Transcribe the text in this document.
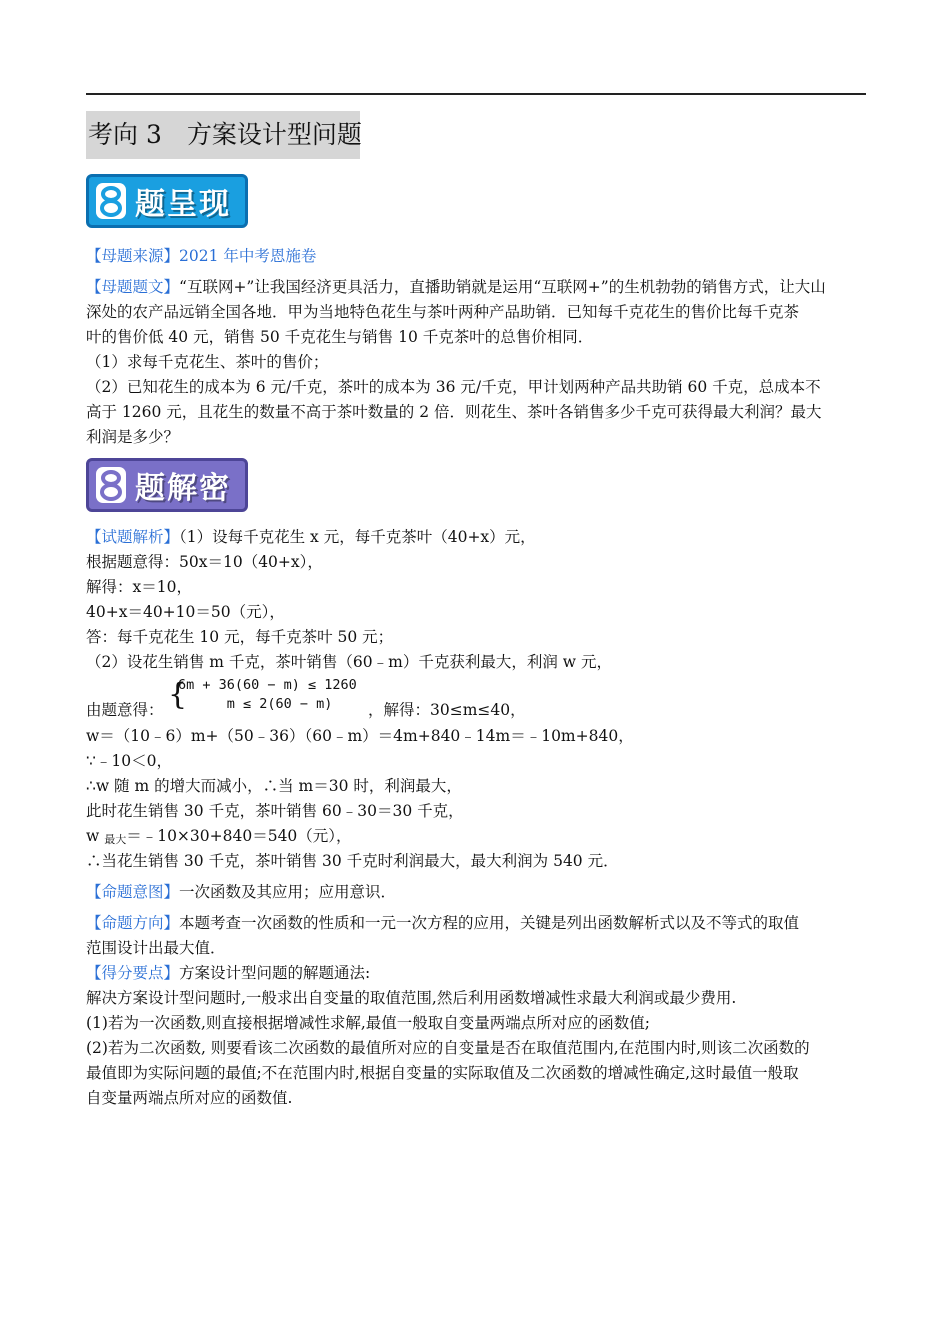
考向 3　方案设计型问题
题呈现
【母题来源】2021 年中考恩施卷
【母题题文】“互联网+”让我国经济更具活力，直播助销就是运用“互联网+”的生机勃勃的销售方式，让大山
深处的农产品远销全国各地．甲为当地特色花生与茶叶两种产品助销．已知每千克花生的售价比每千克茶
叶的售价低 40 元，销售 50 千克花生与销售 10 千克茶叶的总售价相同．
（1）求每千克花生、茶叶的售价；
（2）已知花生的成本为 6 元/千克，茶叶的成本为 36 元/千克，甲计划两种产品共助销 60 千克，总成本不
高于 1260 元，且花生的数量不高于茶叶数量的 2 倍．则花生、茶叶各销售多少千克可获得最大利润？最大
利润是多少？
题解密
【试题解析】（1）设每千克花生 x 元，每千克茶叶（40+x）元，
根据题意得：50x＝10（40+x），
解得：x＝10，
40+x＝40+10＝50（元），
答：每千克花生 10 元，每千克茶叶 50 元；
（2）设花生销售 m 千克，茶叶销售（60﹣m）千克获利最大，利润 w 元，
{
6m + 36(60 − m) ≤ 1260
m ≤ 2(60 − m)
由题意得：	，解得：30≤m≤40，
w＝（10﹣6）m+（50﹣36）（60﹣m）＝4m+840﹣14m＝﹣10m+840，
∵﹣10＜0，
∴w 随 m 的增大而减小，∴当 m＝30 时，利润最大，
此时花生销售 30 千克，茶叶销售 60﹣30＝30 千克，
w 最大＝﹣10×30+840＝540（元），
∴当花生销售 30 千克，茶叶销售 30 千克时利润最大，最大利润为 540 元．
【命题意图】一次函数及其应用；应用意识．
【命题方向】本题考查一次函数的性质和一元一次方程的应用，关键是列出函数解析式以及不等式的取值
范围设计出最大值．
【得分要点】方案设计型问题的解题通法:
解决方案设计型问题时,一般求出自变量的取值范围,然后利用函数增减性求最大利润或最少费用.
(1)若为一次函数,则直接根据增减性求解,最值一般取自变量两端点所对应的函数值;
(2)若为二次函数, 则要看该二次函数的最值所对应的自变量是否在取值范围内,在范围内时,则该二次函数的
最值即为实际问题的最值;不在范围内时,根据自变量的实际取值及二次函数的增减性确定,这时最值一般取
自变量两端点所对应的函数值.
